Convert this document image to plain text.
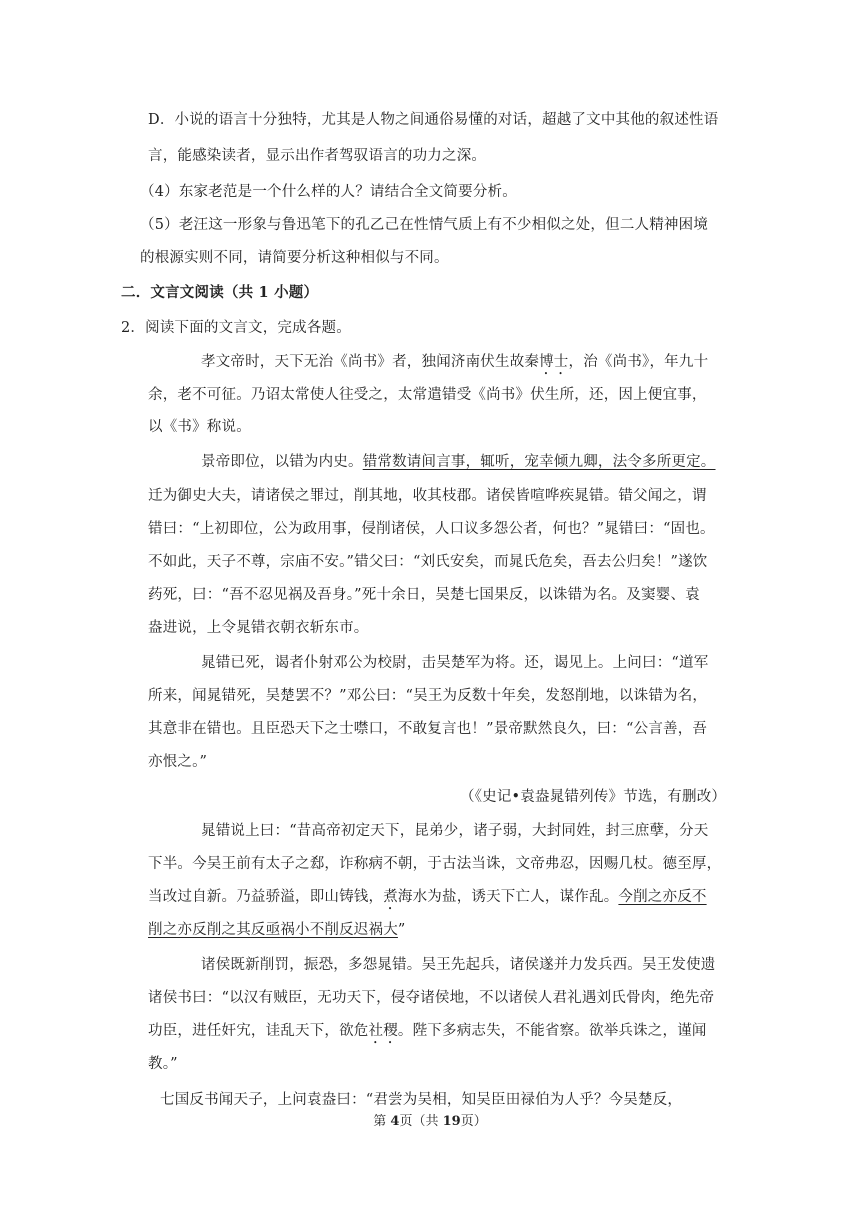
D．小说的语言十分独特，尤其是人物之间通俗易懂的对话，超越了文中其他的叙述性语
言，能感染读者，显示出作者驾驭语言的功力之深。
（4）东家老范是一个什么样的人？请结合全文简要分析。
（5）老汪这一形象与鲁迅笔下的孔乙己在性情气质上有不少相似之处，但二人精神困境
的根源实则不同，请简要分析这种相似与不同。
二．文言文阅读（共 1 小题）
2．阅读下面的文言文，完成各题。
孝文帝时，天下无治《尚书》者，独闻济南伏生故秦博士，治《尚书》，年九十
余，老不可征。乃诏太常使人往受之，太常遣错受《尚书》伏生所，还，因上便宜事，
以《书》称说。
景帝即位，以错为内史。错常数请间言事，辄听，宠幸倾九卿，法令多所更定。
迁为御史大夫，请诸侯之罪过，削其地，收其枝郡。诸侯皆喧哗疾晁错。错父闻之，谓
错曰：“上初即位，公为政用事，侵削诸侯，人口议多怨公者，何也？”晁错曰：“固也。
不如此，天子不尊，宗庙不安。”错父曰：“刘氏安矣，而晁氏危矣，吾去公归矣！”遂饮
药死，曰：“吾不忍见祸及吾身。”死十余日，吴楚七国果反，以诛错为名。及窦婴、袁
盎进说，上令晁错衣朝衣斩东市。
晁错已死，谒者仆射邓公为校尉，击吴楚军为将。还，谒见上。上问曰：“道军
所来，闻晁错死，吴楚罢不？”邓公曰：“吴王为反数十年矣，发怒削地，以诛错为名，
其意非在错也。且臣恐天下之士噤口，不敢复言也！”景帝默然良久，曰：“公言善，吾
亦恨之。”
（《史记•袁盎晁错列传》节选，有删改）
晁错说上曰：“昔高帝初定天下，昆弟少，诸子弱，大封同姓，封三庶孽，分天
下半。今吴王前有太子之郄，诈称病不朝，于古法当诛，文帝弗忍，因赐几杖。德至厚，
当改过自新。乃益骄溢，即山铸钱，煮海水为盐，诱天下亡人，谋作乱。今削之亦反不
削之亦反削之其反亟祸小不削反迟祸大”
诸侯既新削罚，振恐，多怨晁错。吴王先起兵，诸侯遂并力发兵西。吴王发使遗
诸侯书曰：“以汉有贼臣，无功天下，侵夺诸侯地，不以诸侯人君礼遇刘氏骨肉，绝先帝
功臣，进任奸宄，诖乱天下，欲危社稷。陛下多病志失，不能省察。欲举兵诛之，谨闻
教。”
七国反书闻天子，上问袁盎曰：“君尝为吴相，知吴臣田禄伯为人乎？今吴楚反，
第 4页（共 19页）
